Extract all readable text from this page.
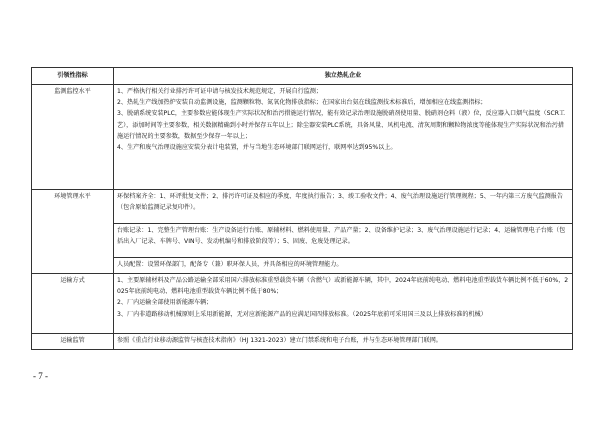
引领性指标	独立热轧企业
监测监控水平	1、严格执行相关行业排污许可证申请与核发技术规范规定，开展自行监测；

2、热轧生产线加热炉安装自动监测设施，监测颗粒物、氮氧化物排放指标；在国家出台氨在线监测技术标准后，增加相应在线监测指标；

3、脱硝系统安装PLC，主要参数应能体现生产实际状况和治污措施运行情况，能有效记录治理设施脱硝剂使用量、脱硝剂仓料（液）位，反应器入口烟气温度（SCR工艺），添加时间等主要参数，相关数据精确到小时并保存五年以上；除尘器安装PLC系统，具备风量、风机电流、清灰周期和颗粒物浓度等能体现生产实际状况和治污措施运行情况的主要参数，数据至少保存一年以上；

4、生产和废气治理设施应安装分表计电装置，并与当地生态环境部门联网运行，联网率达到95%以上。

环境管理水平	环保档案齐全：1、环评批复文件；2、排污许可证及相应的季度、年度执行报告；3、竣工验收文件；4、废气治理设施运行管理规程；5、一年内第三方废气监测报告（包含原始监测记录复印件）。

	台账记录：1、完整生产管理台账：生产设备运行台账、原辅材料、燃料使用量、产品产量；2、设备维护记录；3、废气治理设施运行记录；4、运输管理电子台账（包括出入厂记录、车牌号、VIN号、发动机编号和排放阶段等）；5、固废、危废处理记录。

	人员配置：设置环保部门，配备专（兼）职环保人员，并具备相应的环境管理能力。

运输方式	1、主要原辅材料及产品公路运输全部采用国六排放标准重型载货车辆（含燃气）或新能源车辆，其中，2024年底前纯电动、燃料电池重型载货车辆比例不低于60%，2025年底前纯电动、燃料电池重型载货车辆比例不低于80%；

2、厂内运输全部使用新能源车辆；

3、厂内非道路移动机械原则上采用新能源，无对应新能源产品的应满足国四排放标准。（2025年底前可采用国三及以上排放标准的机械）

运输监管	参照《重点行业移动源监管与核查技术指南》（HJ 1321-2023）建立门禁系统和电子台账，并与生态环境管理部门联网。

- 7 -
